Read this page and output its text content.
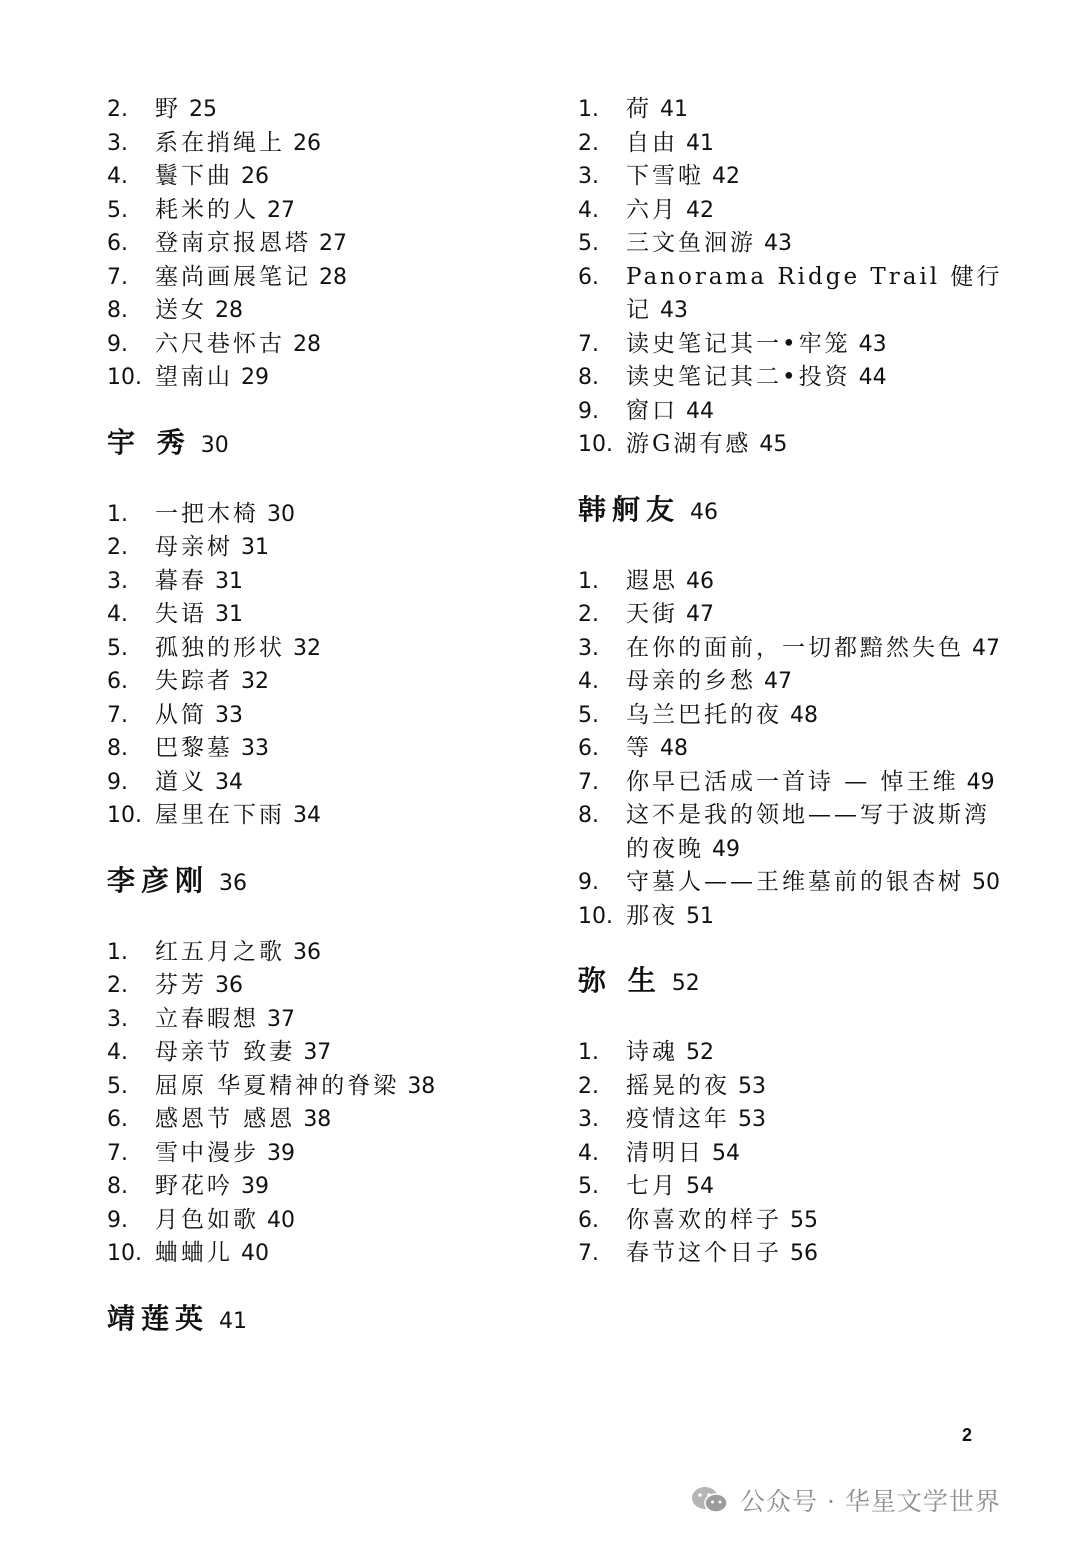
2.	野 25
3.	系在捎绳上 26
4.	鬟下曲 26
5.	耗米的人 27
6.	登南京报恩塔 27
7.	塞尚画展笔记 28
8.	送女 28
9.	六尺巷怀古 28
10. 望南山 29
宇 秀 30
1.	一把木椅 30
2.	母亲树 31
3.	暮春 31
4.	失语 31
5.	孤独的形状 32
6.	失踪者 32
7.	从简 33
8.	巴黎墓 33
9.	道义 34
10. 屋里在下雨 34
李彦刚 36
1.	红五月之歌 36
2.	芬芳 36
3.	立春暇想 37
4.	母亲节 致妻 37
5.	屈原 华夏精神的脊梁 38
6.	感恩节 感恩 38
7.	雪中漫步 39
8.	野花吟 39
9.	月色如歌 40
10. 蛐蛐儿 40
靖莲英 41
1.	荷 41
2.	自由 41
3.	下雪啦 42
4.	六月 42
5.	三文鱼洄游 43
6.	Panorama Ridge Trail 健行记 43
7.	读史笔记其一•牢笼 43
8.	读史笔记其二•投资 44
9.	窗口 44
10. 游G湖有感 45
韩舸友 46
1.	遐思 46
2.	天街 47
3.	在你的面前，一切都黯然失色 47
4.	母亲的乡愁 47
5.	乌兰巴托的夜 48
6.	等 48
7.	你早已活成一首诗 — 悼王维 49
8.	这不是我的领地——写于波斯湾的夜晚 49
9.	守墓人——王维墓前的银杏树 50
10. 那夜 51
弥 生 52
1.	诗魂 52
2.	摇晃的夜 53
3.	疫情这年 53
4.	清明日 54
5.	七月 54
6.	你喜欢的样子 55
7.	春节这个日子 56
2
公众号 · 华星文学世界
